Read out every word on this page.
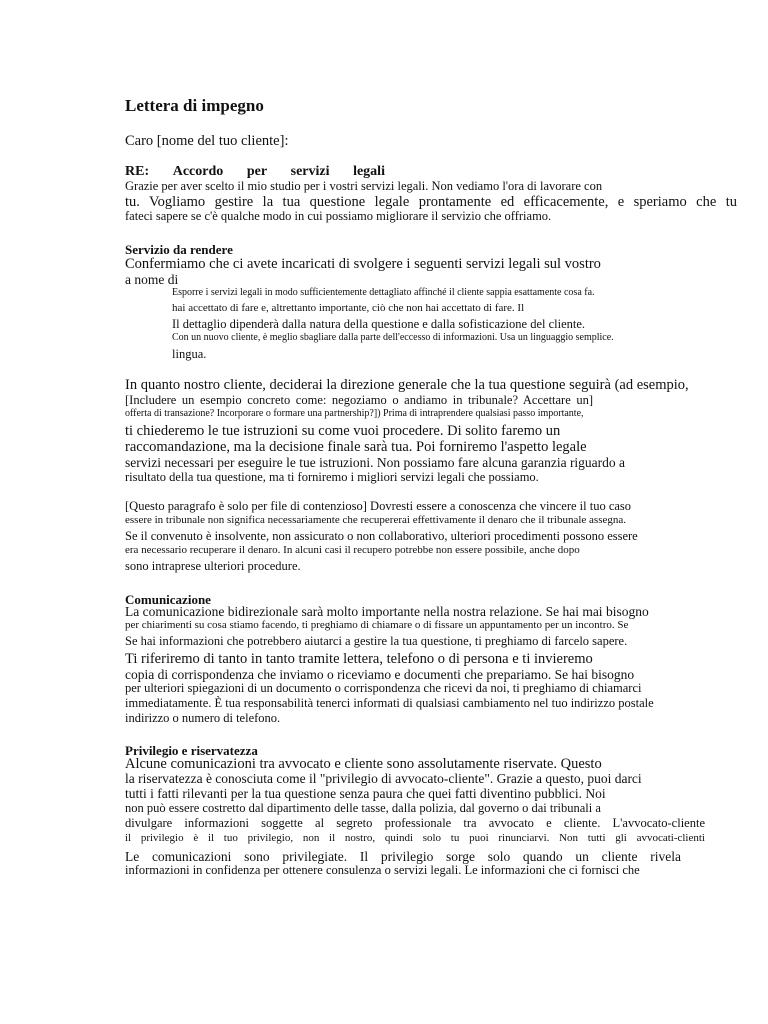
Lettera di impegno
Caro [nome del tuo cliente]:
RE: Accordo per servizi legali
Grazie per aver scelto il mio studio per i vostri servizi legali. Non vediamo l'ora di lavorare con
tu. Vogliamo gestire la tua questione legale prontamente ed efficacemente, e speriamo che tu
fateci sapere se c'è qualche modo in cui possiamo migliorare il servizio che offriamo.
Servizio da rendere
Confermiamo che ci avete incaricati di svolgere i seguenti servizi legali sul vostro
a nome di
Esporre i servizi legali in modo sufficientemente dettagliato affinché il cliente sappia esattamente cosa fa.
hai accettato di fare e, altrettanto importante, ciò che non hai accettato di fare. Il
Il dettaglio dipenderà dalla natura della questione e dalla sofisticazione del cliente.
Con un nuovo cliente, è meglio sbagliare dalla parte dell'eccesso di informazioni. Usa un linguaggio semplice.
lingua.
In quanto nostro cliente, deciderai la direzione generale che la tua questione seguirà (ad esempio,
[Includere un esempio concreto come: negoziamo o andiamo in tribunale? Accettare un]
offerta di transazione? Incorporare o formare una partnership?]) Prima di intraprendere qualsiasi passo importante,
ti chiederemo le tue istruzioni su come vuoi procedere. Di solito faremo un
raccomandazione, ma la decisione finale sarà tua. Poi forniremo l'aspetto legale
servizi necessari per eseguire le tue istruzioni. Non possiamo fare alcuna garanzia riguardo a
risultato della tua questione, ma ti forniremo i migliori servizi legali che possiamo.
[Questo paragrafo è solo per file di contenzioso] Dovresti essere a conoscenza che vincere il tuo caso
essere in tribunale non significa necessariamente che recupererai effettivamente il denaro che il tribunale assegna.
Se il convenuto è insolvente, non assicurato o non collaborativo, ulteriori procedimenti possono essere
era necessario recuperare il denaro. In alcuni casi il recupero potrebbe non essere possibile, anche dopo
sono intraprese ulteriori procedure.
Comunicazione
La comunicazione bidirezionale sarà molto importante nella nostra relazione. Se hai mai bisogno
per chiarimenti su cosa stiamo facendo, ti preghiamo di chiamare o di fissare un appuntamento per un incontro. Se
Se hai informazioni che potrebbero aiutarci a gestire la tua questione, ti preghiamo di farcelo sapere.
Ti riferiremo di tanto in tanto tramite lettera, telefono o di persona e ti invieremo
copia di corrispondenza che inviamo o riceviamo e documenti che prepariamo. Se hai bisogno
per ulteriori spiegazioni di un documento o corrispondenza che ricevi da noi, ti preghiamo di chiamarci
immediatamente. È tua responsabilità tenerci informati di qualsiasi cambiamento nel tuo indirizzo postale
indirizzo o numero di telefono.
Privilegio e riservatezza
Alcune comunicazioni tra avvocato e cliente sono assolutamente riservate. Questo
la riservatezza è conosciuta come il "privilegio di avvocato-cliente". Grazie a questo, puoi darci
tutti i fatti rilevanti per la tua questione senza paura che quei fatti diventino pubblici. Noi
non può essere costretto dal dipartimento delle tasse, dalla polizia, dal governo o dai tribunali a
divulgare informazioni soggette al segreto professionale tra avvocato e cliente. L'avvocato-cliente
il privilegio è il tuo privilegio, non il nostro, quindi solo tu puoi rinunciarvi. Non tutti gli avvocati-clienti
Le comunicazioni sono privilegiate. Il privilegio sorge solo quando un cliente rivela
informazioni in confidenza per ottenere consulenza o servizi legali. Le informazioni che ci fornisci che
